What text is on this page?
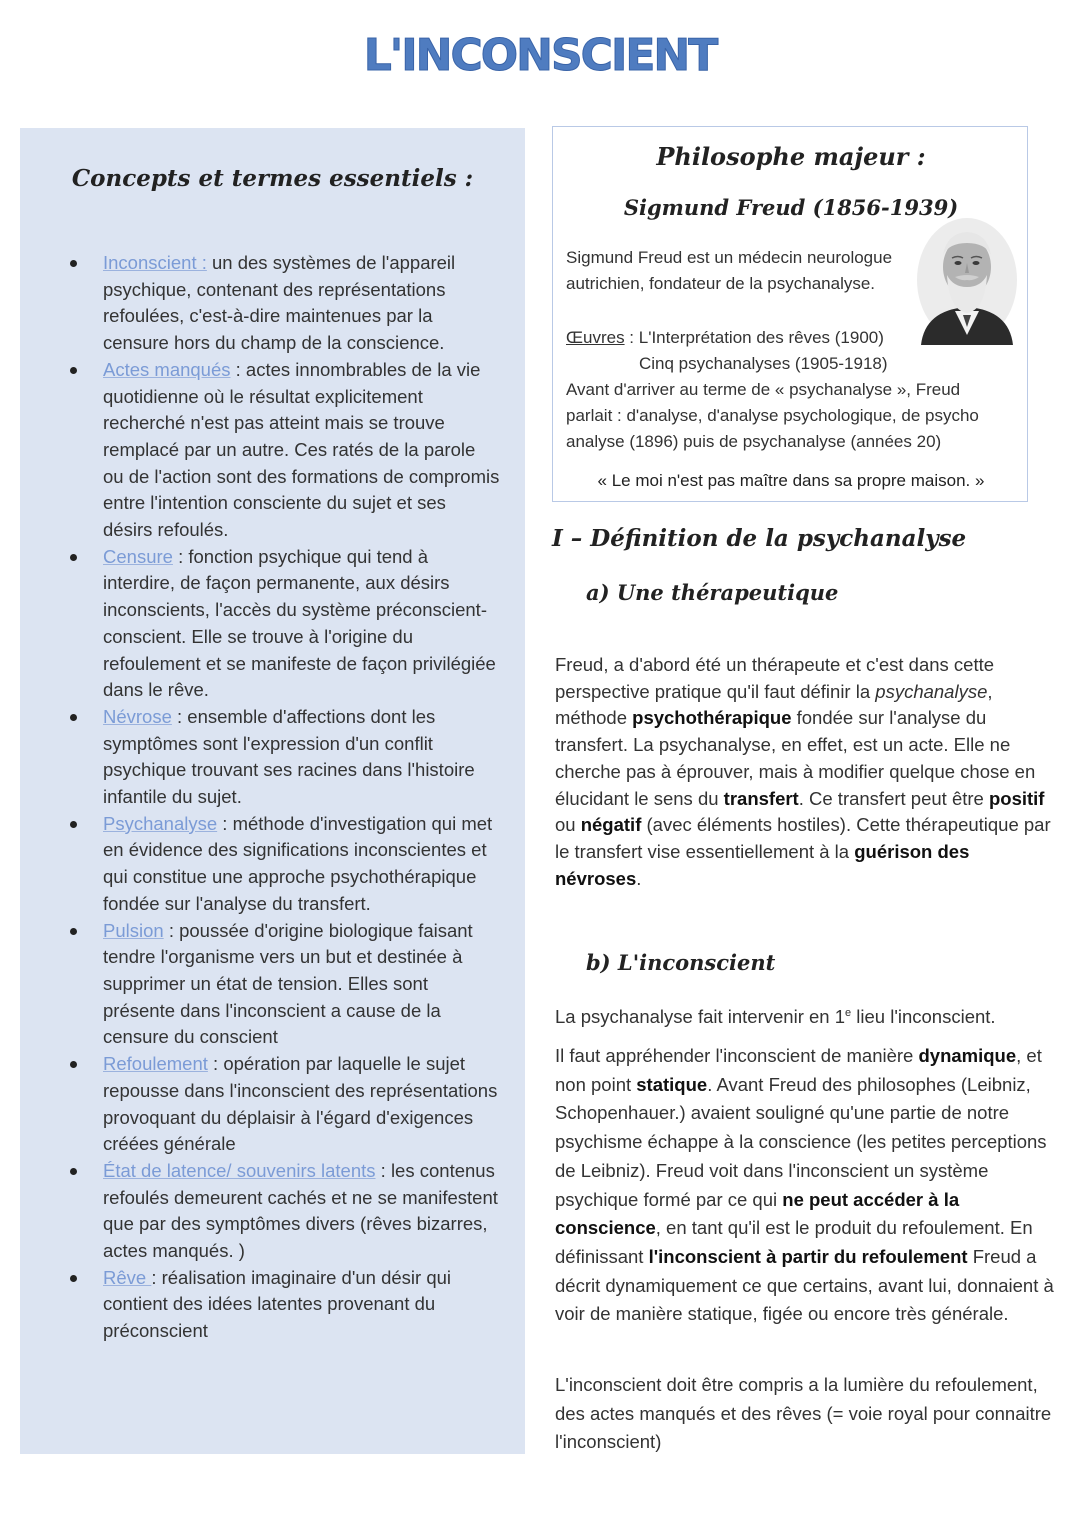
L'INCONSCIENT
Concepts et termes essentiels :
Inconscient : un des systèmes de l'appareil psychique, contenant des représentations refoulées, c'est-à-dire maintenues par la censure hors du champ de la conscience.
Actes manqués : actes innombrables de la vie quotidienne où le résultat explicitement recherché n'est pas atteint mais se trouve remplacé par un autre. Ces ratés de la parole ou de l'action sont des formations de compromis entre l'intention consciente du sujet et ses désirs refoulés.
Censure : fonction psychique qui tend à interdire, de façon permanente, aux désirs inconscients, l'accès du système préconscient-conscient. Elle se trouve à l'origine du refoulement et se manifeste de façon privilégiée dans le rêve.
Névrose : ensemble d'affections dont les symptômes sont l'expression d'un conflit psychique trouvant ses racines dans l'histoire infantile du sujet.
Psychanalyse : méthode d'investigation qui met en évidence des significations inconscientes et qui constitue une approche psychothérapique fondée sur l'analyse du transfert.
Pulsion : poussée d'origine biologique faisant tendre l'organisme vers un but et destinée à supprimer un état de tension. Elles sont présente dans l'inconscient a cause de la censure du conscient
Refoulement : opération par laquelle le sujet repousse dans l'inconscient des représentations provoquant du déplaisir à l'égard d'exigences créées générale
État de latence/ souvenirs latents : les contenus refoulés demeurent cachés et ne se manifestent que par des symptômes divers (rêves bizarres, actes manqués. )
Rêve : réalisation imaginaire d'un désir qui contient des idées latentes provenant du préconscient
Philosophe majeur :
Sigmund Freud (1856-1939)
Sigmund Freud est un médecin neurologue
autrichien, fondateur de la psychanalyse.
Œuvres : L'Interprétation des rêves (1900)
Cinq psychanalyses (1905-1918)
Avant d'arriver au terme de « psychanalyse », Freud
parlait : d'analyse, d'analyse psychologique, de psycho
analyse (1896) puis de psychanalyse (années 20)
« Le moi n'est pas maître dans sa propre maison. »
I – Définition de la psychanalyse
a) Une thérapeutique

Freud, a d'abord été un thérapeute et c'est dans cette perspective pratique qu'il faut définir la psychanalyse, méthode psychothérapique fondée sur l'analyse du transfert. La psychanalyse, en effet, est un acte. Elle ne cherche pas à éprouver, mais à modifier quelque chose en élucidant le sens du transfert. Ce transfert peut être positif ou négatif (avec éléments hostiles). Cette thérapeutique par le transfert vise essentiellement à la guérison des névroses.

b) L'inconscient

La psychanalyse fait intervenir en 1e lieu l'inconscient.

Il faut appréhender l'inconscient de manière dynamique, et non point statique. Avant Freud des philosophes (Leibniz, Schopenhauer.) avaient souligné qu'une partie de notre psychisme échappe à la conscience (les petites perceptions de Leibniz). Freud voit dans l'inconscient un système psychique formé par ce qui ne peut accéder à la conscience, en tant qu'il est le produit du refoulement. En définissant l'inconscient à partir du refoulement Freud a décrit dynamiquement ce que certains, avant lui, donnaient à voir de manière statique, figée ou encore très générale.

L'inconscient doit être compris a la lumière du refoulement, des actes manqués et des rêves (= voie royal pour connaitre l'inconscient)
